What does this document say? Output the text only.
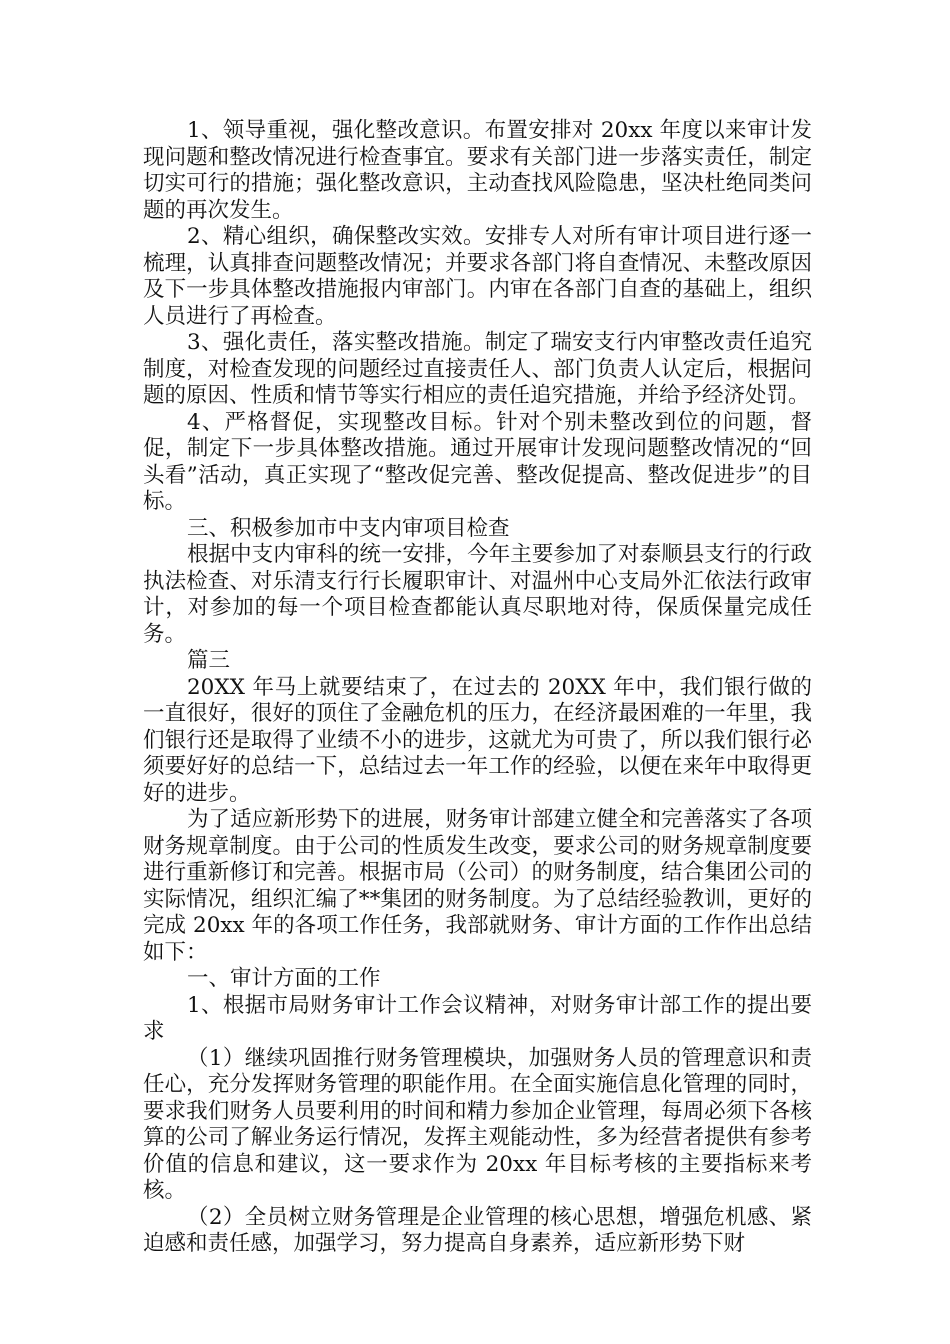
1、领导重视，强化整改意识。布置安排对 20xx 年度以来审计发现问题和整改情况进行检查事宜。要求有关部门进一步落实责任，制定切实可行的措施；强化整改意识，主动查找风险隐患，坚决杜绝同类问题的再次发生。

2、精心组织，确保整改实效。安排专人对所有审计项目进行逐一梳理，认真排查问题整改情况；并要求各部门将自查情况、未整改原因及下一步具体整改措施报内审部门。内审在各部门自查的基础上，组织人员进行了再检查。

3、强化责任，落实整改措施。制定了瑞安支行内审整改责任追究制度，对检查发现的问题经过直接责任人、部门负责人认定后，根据问题的原因、性质和情节等实行相应的责任追究措施，并给予经济处罚。

4、严格督促，实现整改目标。针对个别未整改到位的问题，督促，制定下一步具体整改措施。通过开展审计发现问题整改情况的“回头看”活动，真正实现了“整改促完善、整改促提高、整改促进步”的目标。

三、积极参加市中支内审项目检查

根据中支内审科的统一安排，今年主要参加了对泰顺县支行的行政执法检查、对乐清支行行长履职审计、对温州中心支局外汇依法行政审计，对参加的每一个项目检查都能认真尽职地对待，保质保量完成任务。

篇三

20XX 年马上就要结束了，在过去的 20XX 年中，我们银行做的一直很好，很好的顶住了金融危机的压力，在经济最困难的一年里，我们银行还是取得了业绩不小的进步，这就尤为可贵了，所以我们银行必须要好好的总结一下，总结过去一年工作的经验，以便在来年中取得更好的进步。

为了适应新形势下的进展，财务审计部建立健全和完善落实了各项财务规章制度。由于公司的性质发生改变，要求公司的财务规章制度要进行重新修订和完善。根据市局（公司）的财务制度，结合集团公司的实际情况，组织汇编了**集团的财务制度。为了总结经验教训，更好的完成 20xx 年的各项工作任务，我部就财务、审计方面的工作作出总结如下：

一、审计方面的工作

1、根据市局财务审计工作会议精神，对财务审计部工作的提出要求

（1）继续巩固推行财务管理模块，加强财务人员的管理意识和责任心，充分发挥财务管理的职能作用。在全面实施信息化管理的同时，要求我们财务人员要利用的时间和精力参加企业管理，每周必须下各核算的公司了解业务运行情况，发挥主观能动性，多为经营者提供有参考价值的信息和建议，这一要求作为 20xx 年目标考核的主要指标来考核。

（2）全员树立财务管理是企业管理的核心思想，增强危机感、紧迫感和责任感，加强学习，努力提高自身素养，适应新形势下财
